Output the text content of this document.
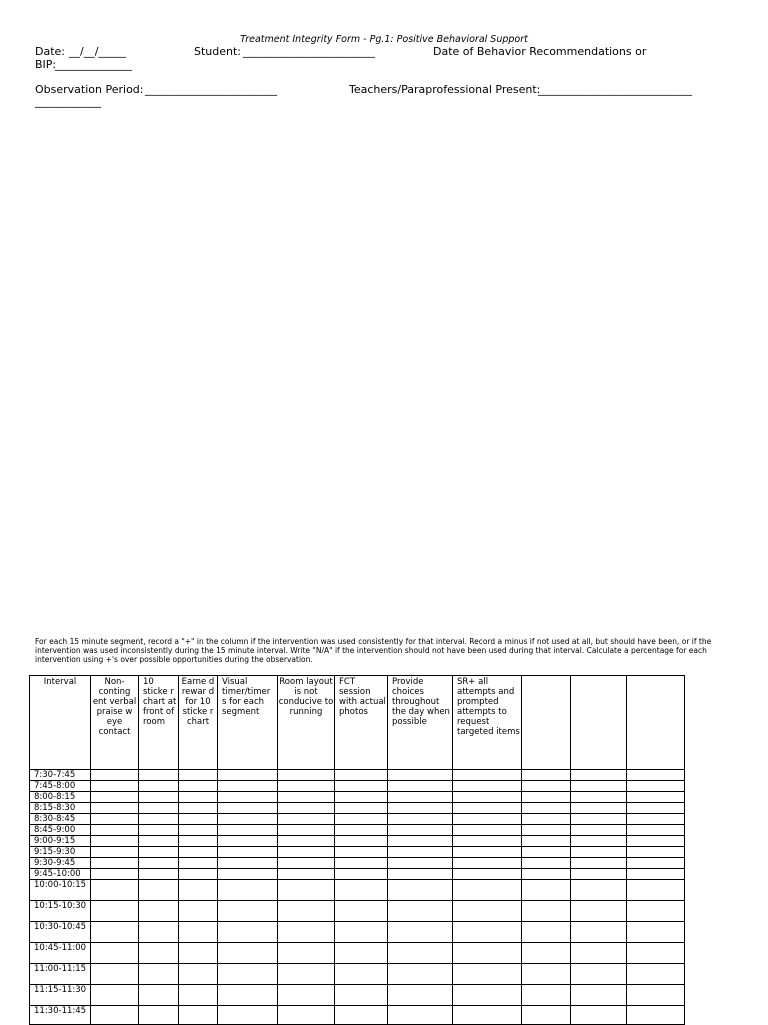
Treatment Integrity Form - Pg.1: Positive Behavioral Support
Date: __/__/_____	Student: ________________________	Date of Behavior Recommendations or
BIP:
______________
Observation Period: ________________________	Teachers/Paraprofessional Present:
____________________________
____________
For each 15 minute segment, record a "+" in the column if the intervention was used consistently for that interval. Record a minus if not used at all, but should have been, or if the intervention was used inconsistently during the 15 minute interval. Write "N/A" if the intervention should not have been used during that interval. Calculate a percentage for each intervention using +'s over possible opportunities during the observation.
Interval	Non-conting ent verbal praise w eye contact	10 sticke r chart at front of room	Earne d rewar d for 10 sticke r chart	Visual timer/timer s for each segment	Room layout is not conducive to running	FCT session with actual photos	Provide choices throughout the day when possible	SR+ all attempts and prompted attempts to request targeted items			
7:30-7:45											
7:45-8:00											
8:00-8:15											
8:15-8:30											
8:30-8:45											
8:45-9:00											
9:00-9:15											
9:15-9:30											
9:30-9:45											
9:45-10:00											
10:00-10:15											
10:15-10:30											
10:30-10:45											
10:45-11:00											
11:00-11:15											
11:15-11:30											
11:30-11:45											
